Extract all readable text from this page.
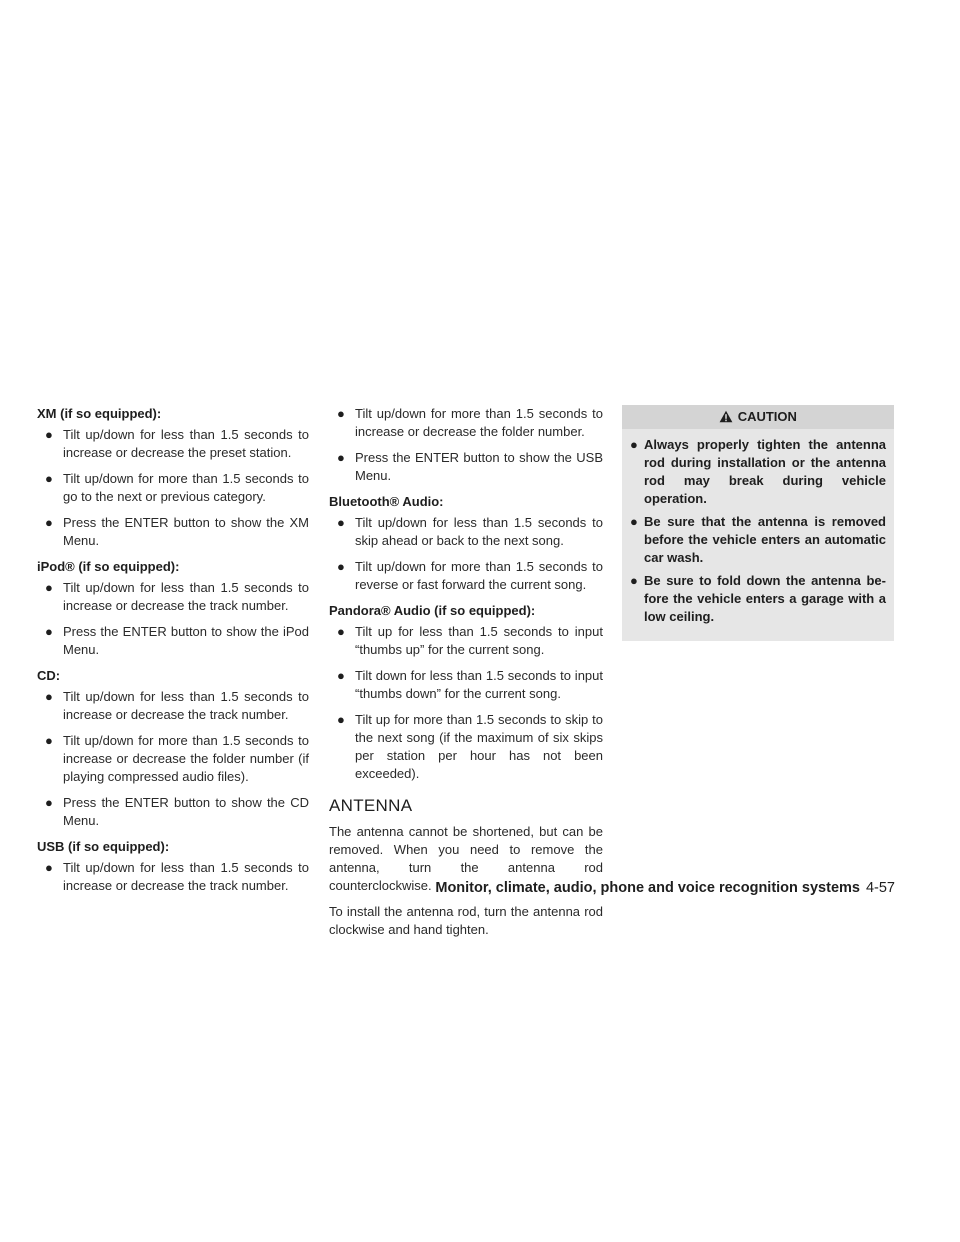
XM (if so equipped):
● Tilt up/down for less than 1.5 seconds to increase or decrease the preset station.
● Tilt up/down for more than 1.5 seconds to go to the next or previous category.
● Press the ENTER button to show the XM Menu.
iPod® (if so equipped):
● Tilt up/down for less than 1.5 seconds to increase or decrease the track number.
● Press the ENTER button to show the iPod Menu.
CD:
● Tilt up/down for less than 1.5 seconds to increase or decrease the track number.
● Tilt up/down for more than 1.5 seconds to increase or decrease the folder number (if playing compressed audio files).
● Press the ENTER button to show the CD Menu.
USB (if so equipped):
● Tilt up/down for less than 1.5 seconds to increase or decrease the track number.
● Tilt up/down for more than 1.5 seconds to increase or decrease the folder number.
● Press the ENTER button to show the USB Menu.
Bluetooth® Audio:
● Tilt up/down for less than 1.5 seconds to skip ahead or back to the next song.
● Tilt up/down for more than 1.5 seconds to reverse or fast forward the current song.
Pandora® Audio (if so equipped):
● Tilt up for less than 1.5 seconds to input “thumbs up” for the current song.
● Tilt down for less than 1.5 seconds to input “thumbs down” for the current song.
● Tilt up for more than 1.5 seconds to skip to the next song (if the maximum of six skips per station per hour has not been exceeded).
ANTENNA

The antenna cannot be shortened, but can be removed. When you need to remove the antenna, turn the antenna rod counterclockwise.

To install the antenna rod, turn the antenna rod clockwise and hand tighten.

CAUTION
● Always properly tighten the antenna rod during installation or the antenna rod may break during vehicle operation.
● Be sure that the antenna is removed before the vehicle enters an automatic car wash.
● Be sure to fold down the antenna be-fore the vehicle enters a garage with a low ceiling.
Monitor, climate, audio, phone and voice recognition systems 4-57
